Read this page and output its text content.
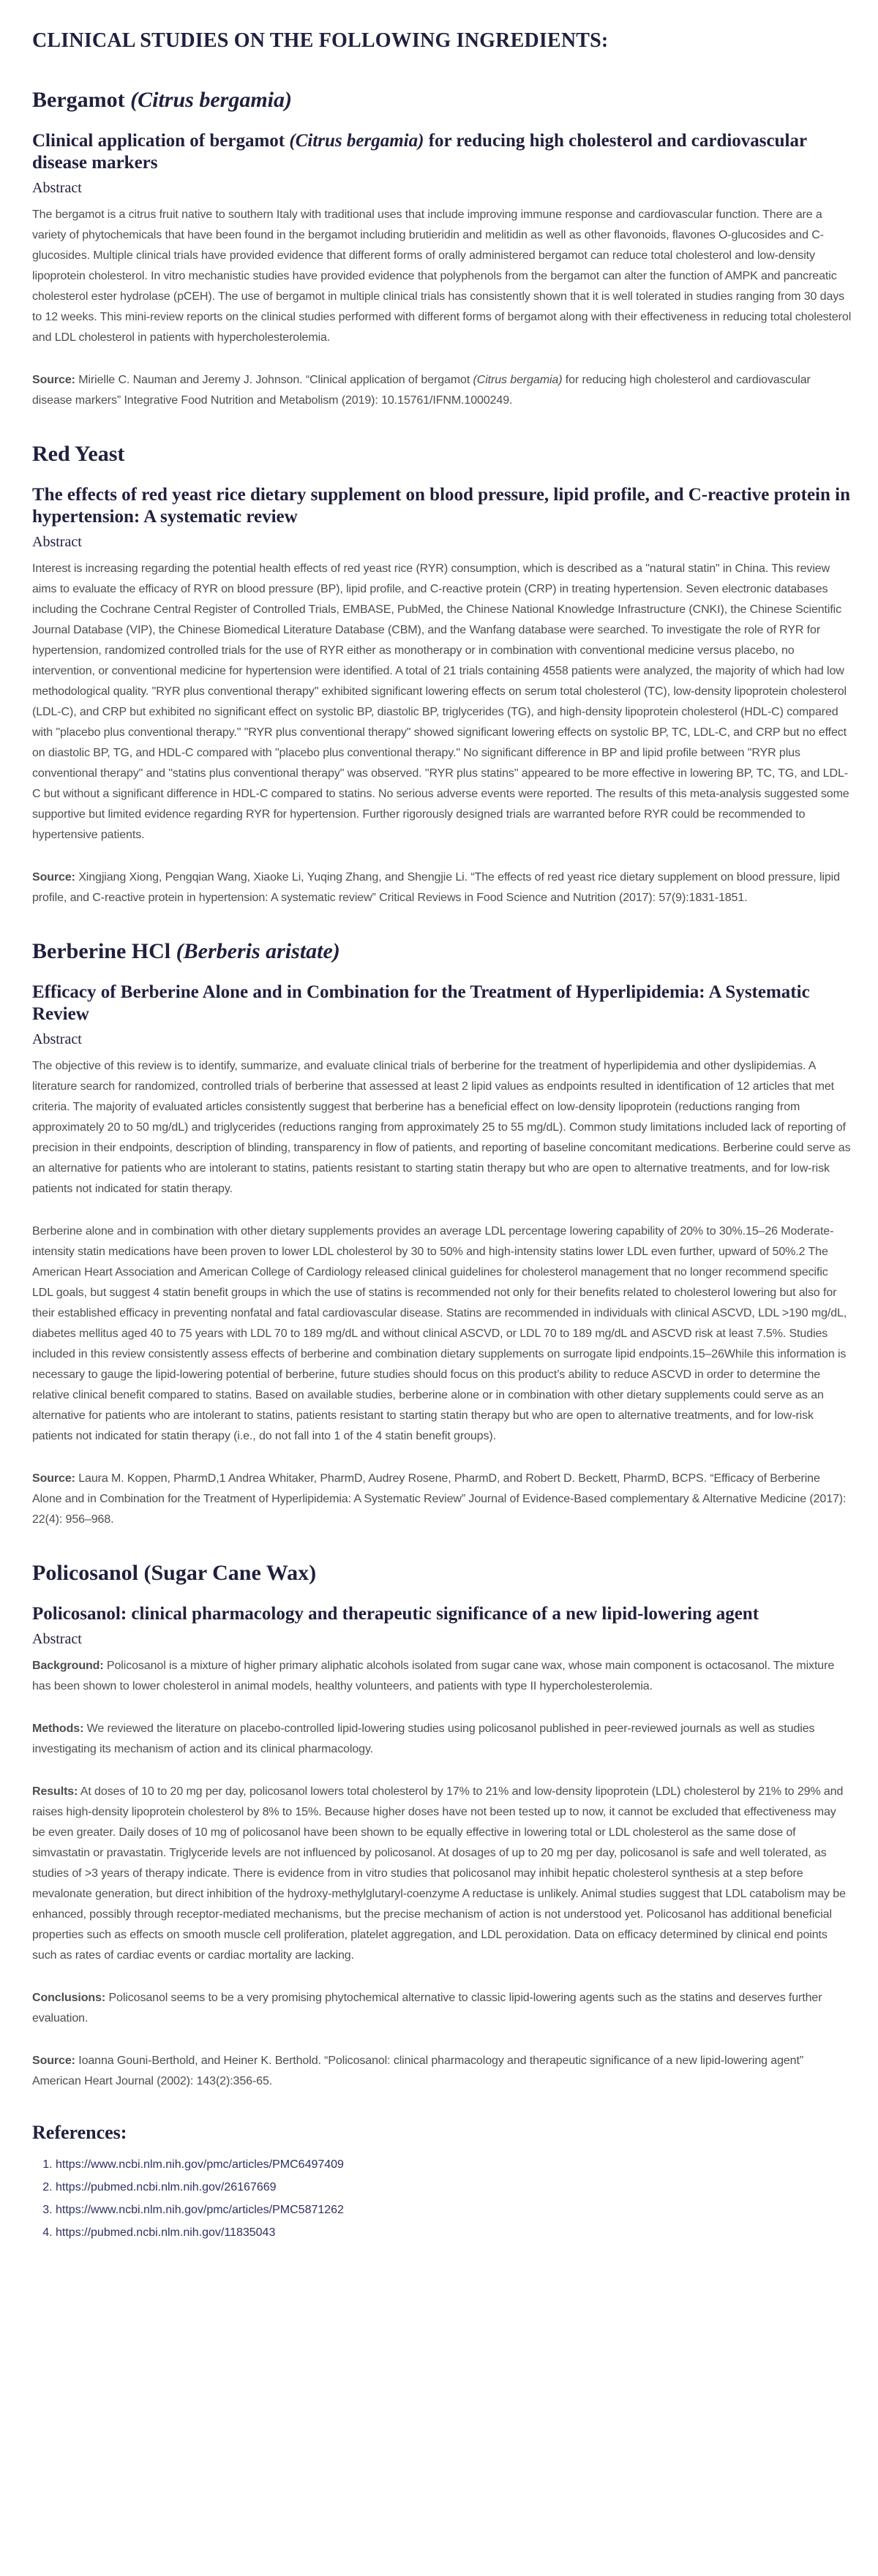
CLINICAL STUDIES ON THE FOLLOWING INGREDIENTS:
Bergamot (Citrus bergamia)
Clinical application of bergamot (Citrus bergamia) for reducing high cholesterol and cardiovascular disease markers
Abstract

The bergamot is a citrus fruit native to southern Italy with traditional uses that include improving immune response and cardiovascular function. There are a variety of phytochemicals that have been found in the bergamot including brutieridin and melitidin as well as other flavonoids, flavones O-glucosides and C-glucosides. Multiple clinical trials have provided evidence that different forms of orally administered bergamot can reduce total cholesterol and low-density lipoprotein cholesterol. In vitro mechanistic studies have provided evidence that polyphenols from the bergamot can alter the function of AMPK and pancreatic cholesterol ester hydrolase (pCEH). The use of bergamot in multiple clinical trials has consistently shown that it is well tolerated in studies ranging from 30 days to 12 weeks. This mini-review reports on the clinical studies performed with different forms of bergamot along with their effectiveness in reducing total cholesterol and LDL cholesterol in patients with hypercholesterolemia.

Source: Mirielle C. Nauman and Jeremy J. Johnson. “Clinical application of bergamot (Citrus bergamia) for reducing high cholesterol and cardiovascular disease markers” Integrative Food Nutrition and Metabolism (2019): 10.15761/IFNM.1000249.

Red Yeast
The effects of red yeast rice dietary supplement on blood pressure, lipid profile, and C-reactive protein in hypertension: A systematic review
Abstract

Interest is increasing regarding the potential health effects of red yeast rice (RYR) consumption, which is described as a "natural statin" in China. This review aims to evaluate the efficacy of RYR on blood pressure (BP), lipid profile, and C-reactive protein (CRP) in treating hypertension. Seven electronic databases including the Cochrane Central Register of Controlled Trials, EMBASE, PubMed, the Chinese National Knowledge Infrastructure (CNKI), the Chinese Scientific Journal Database (VIP), the Chinese Biomedical Literature Database (CBM), and the Wanfang database were searched. To investigate the role of RYR for hypertension, randomized controlled trials for the use of RYR either as monotherapy or in combination with conventional medicine versus placebo, no intervention, or conventional medicine for hypertension were identified. A total of 21 trials containing 4558 patients were analyzed, the majority of which had low methodological quality. "RYR plus conventional therapy" exhibited significant lowering effects on serum total cholesterol (TC), low-density lipoprotein cholesterol (LDL-C), and CRP but exhibited no significant effect on systolic BP, diastolic BP, triglycerides (TG), and high-density lipoprotein cholesterol (HDL-C) compared with "placebo plus conventional therapy." "RYR plus conventional therapy" showed significant lowering effects on systolic BP, TC, LDL-C, and CRP but no effect on diastolic BP, TG, and HDL-C compared with "placebo plus conventional therapy." No significant difference in BP and lipid profile between "RYR plus conventional therapy" and "statins plus conventional therapy" was observed. "RYR plus statins" appeared to be more effective in lowering BP, TC, TG, and LDL-C but without a significant difference in HDL-C compared to statins. No serious adverse events were reported. The results of this meta-analysis suggested some supportive but limited evidence regarding RYR for hypertension. Further rigorously designed trials are warranted before RYR could be recommended to hypertensive patients.

Source: Xingjiang Xiong, Pengqian Wang, Xiaoke Li, Yuqing Zhang, and Shengjie Li. “The effects of red yeast rice dietary supplement on blood pressure, lipid profile, and C-reactive protein in hypertension: A systematic review” Critical Reviews in Food Science and Nutrition (2017): 57(9):1831-1851.

Berberine HCl (Berberis aristate)
Efficacy of Berberine Alone and in Combination for the Treatment of Hyperlipidemia: A Systematic Review
Abstract

The objective of this review is to identify, summarize, and evaluate clinical trials of berberine for the treatment of hyperlipidemia and other dyslipidemias. A literature search for randomized, controlled trials of berberine that assessed at least 2 lipid values as endpoints resulted in identification of 12 articles that met criteria. The majority of evaluated articles consistently suggest that berberine has a beneficial effect on low-density lipoprotein (reductions ranging from approximately 20 to 50 mg/dL) and triglycerides (reductions ranging from approximately 25 to 55 mg/dL). Common study limitations included lack of reporting of precision in their endpoints, description of blinding, transparency in flow of patients, and reporting of baseline concomitant medications. Berberine could serve as an alternative for patients who are intolerant to statins, patients resistant to starting statin therapy but who are open to alternative treatments, and for low-risk patients not indicated for statin therapy.

Berberine alone and in combination with other dietary supplements provides an average LDL percentage lowering capability of 20% to 30%.15–26 Moderate-intensity statin medications have been proven to lower LDL cholesterol by 30 to 50% and high-intensity statins lower LDL even further, upward of 50%.2 The American Heart Association and American College of Cardiology released clinical guidelines for cholesterol management that no longer recommend specific LDL goals, but suggest 4 statin benefit groups in which the use of statins is recommended not only for their benefits related to cholesterol lowering but also for their established efficacy in preventing nonfatal and fatal cardiovascular disease. Statins are recommended in individuals with clinical ASCVD, LDL >190 mg/dL, diabetes mellitus aged 40 to 75 years with LDL 70 to 189 mg/dL and without clinical ASCVD, or LDL 70 to 189 mg/dL and ASCVD risk at least 7.5%. Studies included in this review consistently assess effects of berberine and combination dietary supplements on surrogate lipid endpoints.15–26While this information is necessary to gauge the lipid-lowering potential of berberine, future studies should focus on this product’s ability to reduce ASCVD in order to determine the relative clinical benefit compared to statins. Based on available studies, berberine alone or in combination with other dietary supplements could serve as an alternative for patients who are intolerant to statins, patients resistant to starting statin therapy but who are open to alternative treatments, and for low-risk patients not indicated for statin therapy (i.e., do not fall into 1 of the 4 statin benefit groups).

Source: Laura M. Koppen, PharmD,1 Andrea Whitaker, PharmD, Audrey Rosene, PharmD, and Robert D. Beckett, PharmD, BCPS. “Efficacy of Berberine Alone and in Combination for the Treatment of Hyperlipidemia: A Systematic Review” Journal of Evidence-Based complementary & Alternative Medicine (2017): 22(4): 956–968.

Policosanol (Sugar Cane Wax)
Policosanol: clinical pharmacology and therapeutic significance of a new lipid-lowering agent
Abstract

Background: Policosanol is a mixture of higher primary aliphatic alcohols isolated from sugar cane wax, whose main component is octacosanol. The mixture has been shown to lower cholesterol in animal models, healthy volunteers, and patients with type II hypercholesterolemia.

Methods: We reviewed the literature on placebo-controlled lipid-lowering studies using policosanol published in peer-reviewed journals as well as studies investigating its mechanism of action and its clinical pharmacology.

Results: At doses of 10 to 20 mg per day, policosanol lowers total cholesterol by 17% to 21% and low-density lipoprotein (LDL) cholesterol by 21% to 29% and raises high-density lipoprotein cholesterol by 8% to 15%. Because higher doses have not been tested up to now, it cannot be excluded that effectiveness may be even greater. Daily doses of 10 mg of policosanol have been shown to be equally effective in lowering total or LDL cholesterol as the same dose of simvastatin or pravastatin. Triglyceride levels are not influenced by policosanol. At dosages of up to 20 mg per day, policosanol is safe and well tolerated, as studies of >3 years of therapy indicate. There is evidence from in vitro studies that policosanol may inhibit hepatic cholesterol synthesis at a step before mevalonate generation, but direct inhibition of the hydroxy-methylglutaryl-coenzyme A reductase is unlikely. Animal studies suggest that LDL catabolism may be enhanced, possibly through receptor-mediated mechanisms, but the precise mechanism of action is not understood yet. Policosanol has additional beneficial properties such as effects on smooth muscle cell proliferation, platelet aggregation, and LDL peroxidation. Data on efficacy determined by clinical end points such as rates of cardiac events or cardiac mortality are lacking.

Conclusions: Policosanol seems to be a very promising phytochemical alternative to classic lipid-lowering agents such as the statins and deserves further evaluation.

Source: Ioanna Gouni-Berthold, and Heiner K. Berthold. “Policosanol: clinical pharmacology and therapeutic significance of a new lipid-lowering agent” American Heart Journal (2002): 143(2):356-65.

References:
1. https://www.ncbi.nlm.nih.gov/pmc/articles/PMC6497409
2. https://pubmed.ncbi.nlm.nih.gov/26167669
3. https://www.ncbi.nlm.nih.gov/pmc/articles/PMC5871262
4. https://pubmed.ncbi.nlm.nih.gov/11835043
